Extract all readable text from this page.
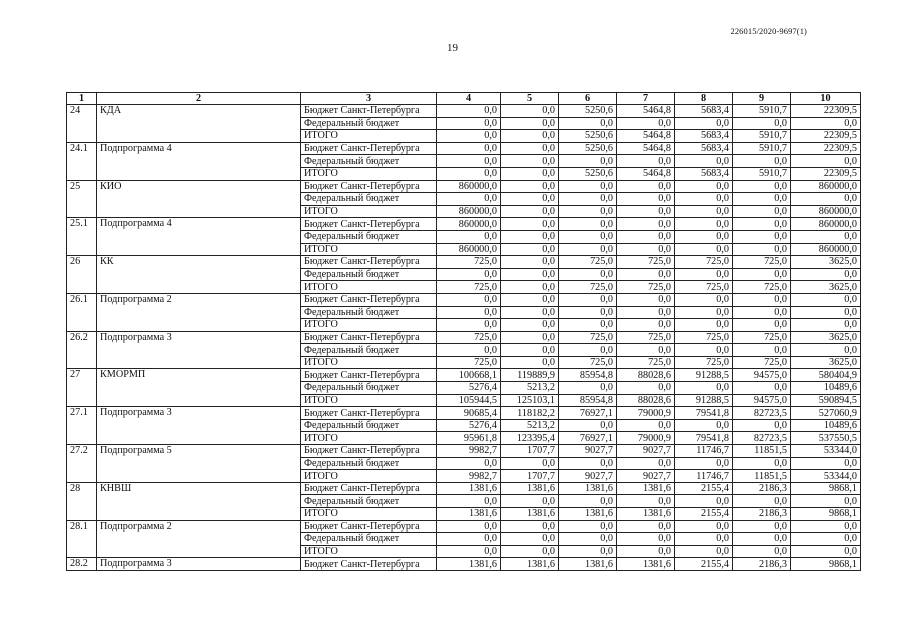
226015/2020-9697(1)
19
1	2	3	4	5	6	7	8	9	10
24	КДА	Бюджет Санкт-Петербурга	0,0	0,0	5250,6	5464,8	5683,4	5910,7	22309,5
		Федеральный бюджет	0,0	0,0	0,0	0,0	0,0	0,0	0,0
		ИТОГО	0,0	0,0	5250,6	5464,8	5683,4	5910,7	22309,5
24.1	Подпрограмма 4	Бюджет Санкт-Петербурга	0,0	0,0	5250,6	5464,8	5683,4	5910,7	22309,5
		Федеральный бюджет	0,0	0,0	0,0	0,0	0,0	0,0	0,0
		ИТОГО	0,0	0,0	5250,6	5464,8	5683,4	5910,7	22309,5
25	КИО	Бюджет Санкт-Петербурга	860000,0	0,0	0,0	0,0	0,0	0,0	860000,0
		Федеральный бюджет	0,0	0,0	0,0	0,0	0,0	0,0	0,0
		ИТОГО	860000,0	0,0	0,0	0,0	0,0	0,0	860000,0
25.1	Подпрограмма 4	Бюджет Санкт-Петербурга	860000,0	0,0	0,0	0,0	0,0	0,0	860000,0
		Федеральный бюджет	0,0	0,0	0,0	0,0	0,0	0,0	0,0
		ИТОГО	860000,0	0,0	0,0	0,0	0,0	0,0	860000,0
26	КК	Бюджет Санкт-Петербурга	725,0	0,0	725,0	725,0	725,0	725,0	3625,0
		Федеральный бюджет	0,0	0,0	0,0	0,0	0,0	0,0	0,0
		ИТОГО	725,0	0,0	725,0	725,0	725,0	725,0	3625,0
26.1	Подпрограмма 2	Бюджет Санкт-Петербурга	0,0	0,0	0,0	0,0	0,0	0,0	0,0
		Федеральный бюджет	0,0	0,0	0,0	0,0	0,0	0,0	0,0
		ИТОГО	0,0	0,0	0,0	0,0	0,0	0,0	0,0
26.2	Подпрограмма 3	Бюджет Санкт-Петербурга	725,0	0,0	725,0	725,0	725,0	725,0	3625,0
		Федеральный бюджет	0,0	0,0	0,0	0,0	0,0	0,0	0,0
		ИТОГО	725,0	0,0	725,0	725,0	725,0	725,0	3625,0
27	КМОРМП	Бюджет Санкт-Петербурга	100668,1	119889,9	85954,8	88028,6	91288,5	94575,0	580404,9
		Федеральный бюджет	5276,4	5213,2	0,0	0,0	0,0	0,0	10489,6
		ИТОГО	105944,5	125103,1	85954,8	88028,6	91288,5	94575,0	590894,5
27.1	Подпрограмма 3	Бюджет Санкт-Петербурга	90685,4	118182,2	76927,1	79000,9	79541,8	82723,5	527060,9
		Федеральный бюджет	5276,4	5213,2	0,0	0,0	0,0	0,0	10489,6
		ИТОГО	95961,8	123395,4	76927,1	79000,9	79541,8	82723,5	537550,5
27.2	Подпрограмма 5	Бюджет Санкт-Петербурга	9982,7	1707,7	9027,7	9027,7	11746,7	11851,5	53344,0
		Федеральный бюджет	0,0	0,0	0,0	0,0	0,0	0,0	0,0
		ИТОГО	9982,7	1707,7	9027,7	9027,7	11746,7	11851,5	53344,0
28	КНВШ	Бюджет Санкт-Петербурга	1381,6	1381,6	1381,6	1381,6	2155,4	2186,3	9868,1
		Федеральный бюджет	0,0	0,0	0,0	0,0	0,0	0,0	0,0
		ИТОГО	1381,6	1381,6	1381,6	1381,6	2155,4	2186,3	9868,1
28.1	Подпрограмма 2	Бюджет Санкт-Петербурга	0,0	0,0	0,0	0,0	0,0	0,0	0,0
		Федеральный бюджет	0,0	0,0	0,0	0,0	0,0	0,0	0,0
		ИТОГО	0,0	0,0	0,0	0,0	0,0	0,0	0,0
28.2	Подпрограмма 3	Бюджет Санкт-Петербурга	1381,6	1381,6	1381,6	1381,6	2155,4	2186,3	9868,1
